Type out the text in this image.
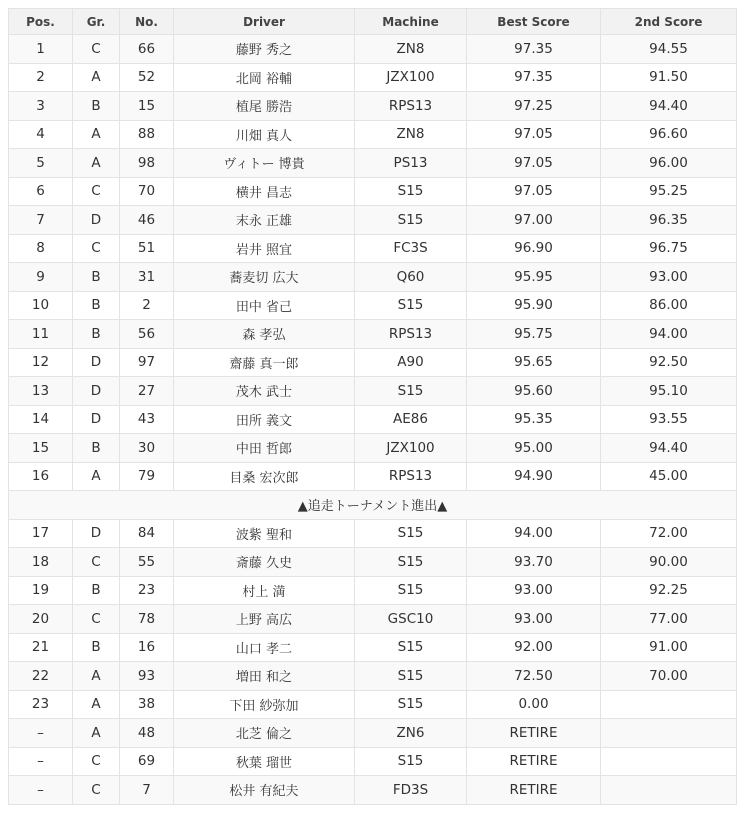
Pos.	Gr.	No.	Driver	Machine	Best Score	2nd Score
1	C	66	藤野 秀之	ZN8	97.35	94.55
2	A	52	北岡 裕輔	JZX100	97.35	91.50
3	B	15	植尾 勝浩	RPS13	97.25	94.40
4	A	88	川畑 真人	ZN8	97.05	96.60
5	A	98	ヴィトー 博貴	PS13	97.05	96.00
6	C	70	横井 昌志	S15	97.05	95.25
7	D	46	末永 正雄	S15	97.00	96.35
8	C	51	岩井 照宜	FC3S	96.90	96.75
9	B	31	蕎麦切 広大	Q60	95.95	93.00
10	B	2	田中 省己	S15	95.90	86.00
11	B	56	森 孝弘	RPS13	95.75	94.00
12	D	97	齋藤 真一郎	A90	95.65	92.50
13	D	27	茂木 武士	S15	95.60	95.10
14	D	43	田所 義文	AE86	95.35	93.55
15	B	30	中田 哲郎	JZX100	95.00	94.40
16	A	79	目桑 宏次郎	RPS13	94.90	45.00
▲追走トーナメント進出▲						
17	D	84	波紫 聖和	S15	94.00	72.00
18	C	55	斎藤 久史	S15	93.70	90.00
19	B	23	村上 満	S15	93.00	92.25
20	C	78	上野 高広	GSC10	93.00	77.00
21	B	16	山口 孝二	S15	92.00	91.00
22	A	93	増田 和之	S15	72.50	70.00
23	A	38	下田 紗弥加	S15	0.00	
–	A	48	北芝 倫之	ZN6	RETIRE	
–	C	69	秋葉 瑠世	S15	RETIRE	
–	C	7	松井 有紀夫	FD3S	RETIRE	
